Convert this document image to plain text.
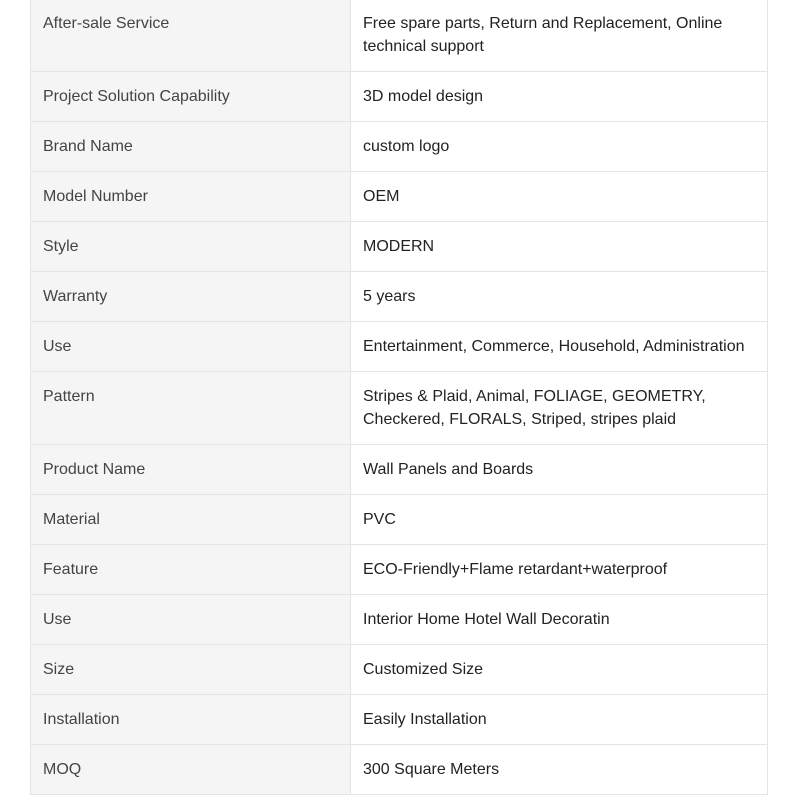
After-sale Service	Free spare parts, Return and Replacement, Online technical support
Project Solution Capability	3D model design
Brand Name	custom logo
Model Number	OEM
Style	MODERN
Warranty	5 years
Use	Entertainment, Commerce, Household, Administration
Pattern	Stripes & Plaid, Animal, FOLIAGE, GEOMETRY, Checkered, FLORALS, Striped, stripes plaid
Product Name	Wall Panels and Boards
Material	PVC
Feature	ECO-Friendly+Flame retardant+waterproof
Use	Interior Home Hotel Wall Decoratin
Size	Customized Size
Installation	Easily Installation
MOQ	300 Square Meters
